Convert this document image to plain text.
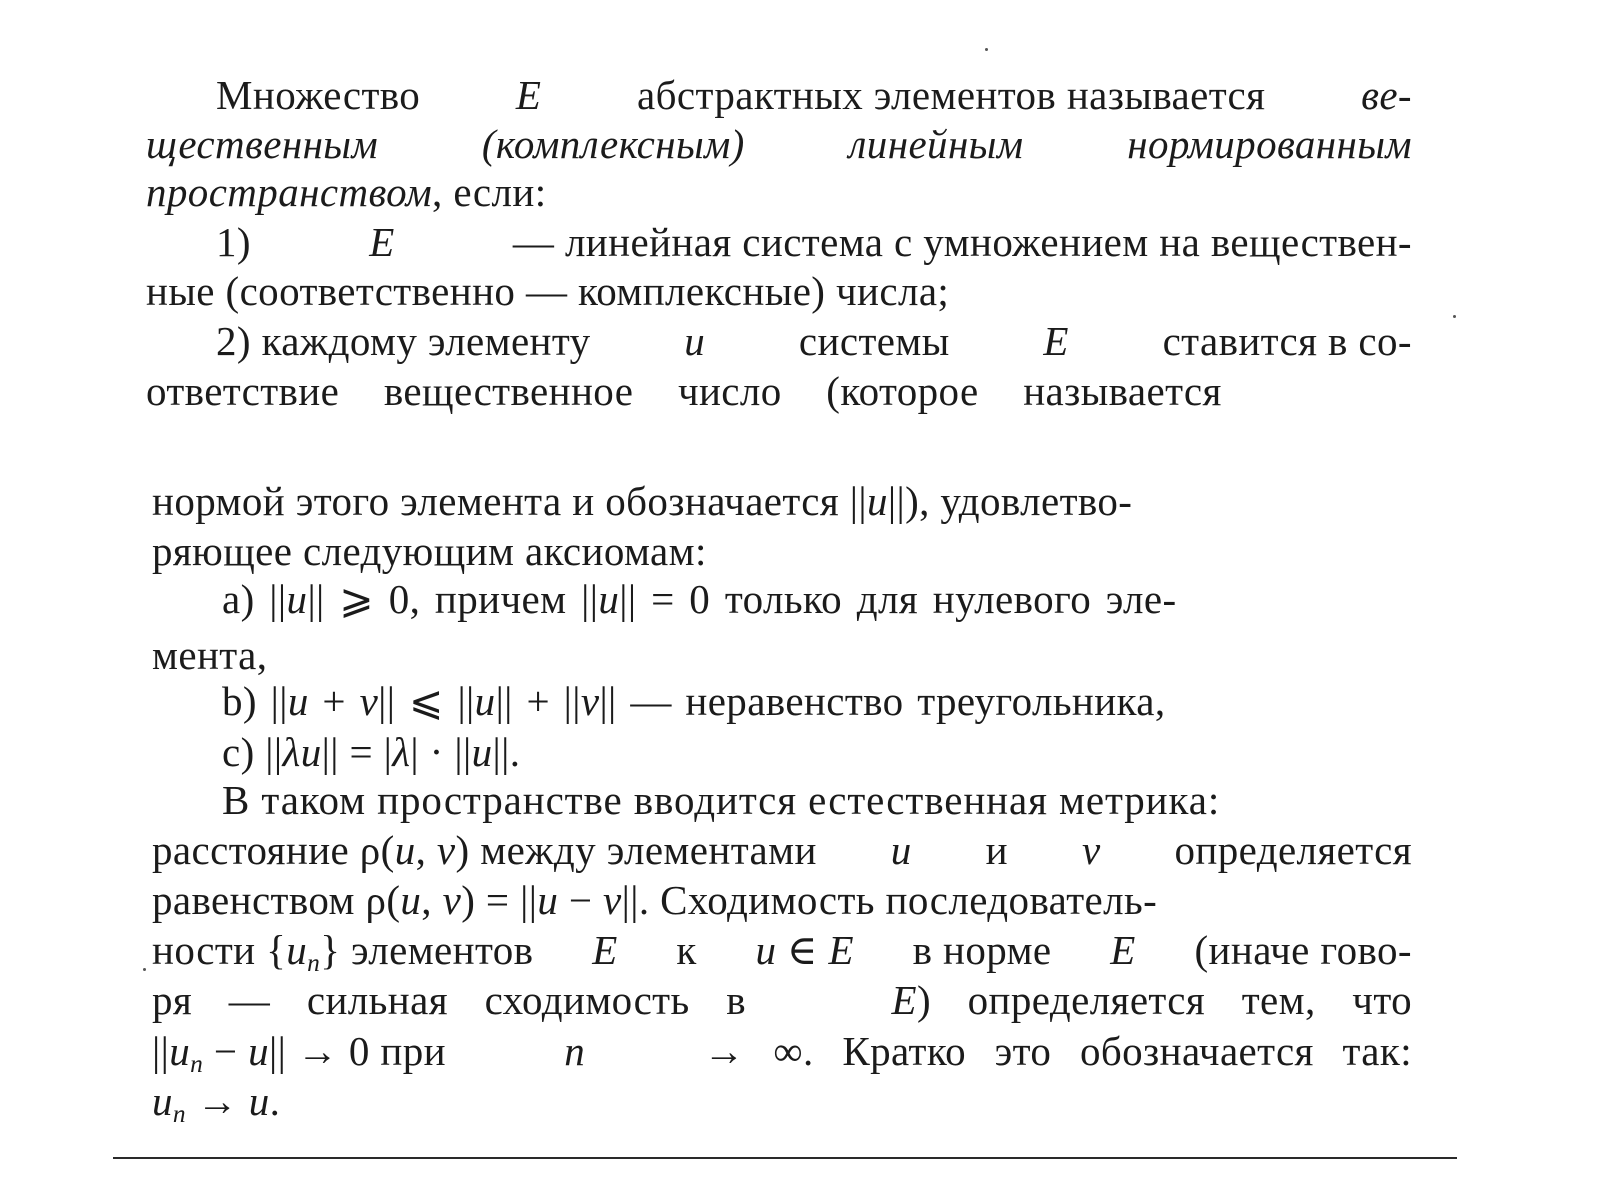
Множество E абстрактных элементов называется ве-
щественным	(комплексным)	линейным	нормированным
пространством, если:
1)	E	— линейная система с умножением на веществен-
ные (соответственно — комплексные) числа;
2) каждому элементу u системы E ставится в со-
ответствие вещественное число (которое называется
нормой этого элемента и обозначается ||u||), удовлетво-
ряющее следующим аксиомам:
a) ||u|| ⩾ 0, причем ||u|| = 0 только для нулевого эле-
мента,
b) ||u + v|| ⩽ ||u|| + ||v|| — неравенство треугольника,
c) ||λu|| = |λ| · ||u||.
В таком пространстве вводится естественная метрика:
расстояние ρ(u, v) между элементами u и v определяется
равенством ρ(u, v) = ||u − v||. Сходимость последователь-
ности $\{u_n\}$ элементов E к u ∈ E в норме E (иначе гово-
ря — сильная сходимость в	E) определяется тем, что
$||u_n - u|| \to 0$ при	n	→ ∞. Кратко это обозначается так:
$u_n \to u$.
